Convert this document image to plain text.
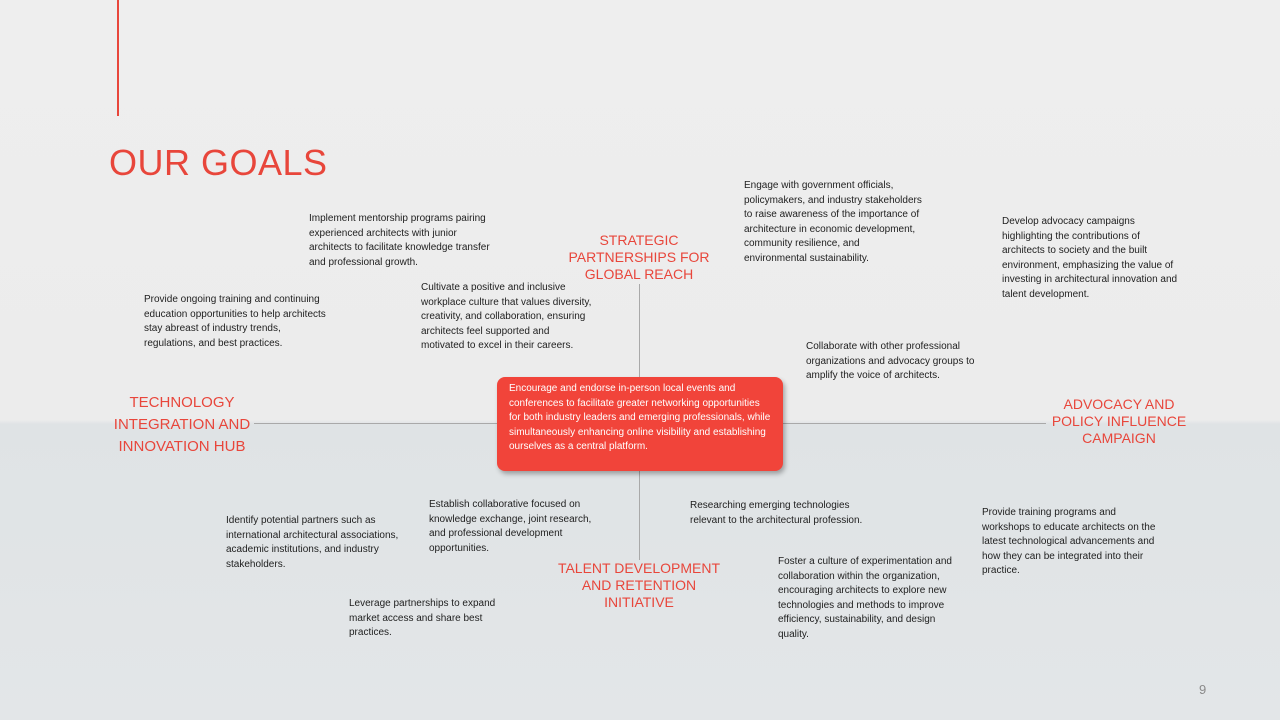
OUR GOALS

STRATEGIC PARTNERSHIPS FOR GLOBAL REACH

TECHNOLOGY INTEGRATION AND INNOVATION HUB

ADVOCACY AND POLICY INFLUENCE CAMPAIGN

TALENT DEVELOPMENT AND RETENTION INITIATIVE

Implement mentorship programs pairing experienced architects with junior architects to facilitate knowledge transfer and professional growth.

Provide ongoing training and continuing education opportunities to help architects stay abreast of industry trends, regulations, and best practices.

Cultivate a positive and inclusive workplace culture that values diversity, creativity, and collaboration, ensuring architects feel supported and motivated to excel in their careers.

Engage with government officials, policymakers, and industry stakeholders to raise awareness of the importance of architecture in economic development, community resilience, and environmental sustainability.

Develop advocacy campaigns highlighting the contributions of architects to society and the built environment, emphasizing the value of investing in architectural innovation and talent development.

Collaborate with other professional organizations and advocacy groups to amplify the voice of architects.

Identify potential partners such as international architectural associations, academic institutions, and industry stakeholders.

Establish collaborative focused on knowledge exchange, joint research, and professional development opportunities.

Leverage partnerships to expand market access and share best practices.

Researching emerging technologies relevant to the architectural profession.

Foster a culture of experimentation and collaboration within the organization, encouraging architects to explore new technologies and methods to improve efficiency, sustainability, and design quality.

Provide training programs and workshops to educate architects on the latest technological advancements and how they can be integrated into their practice.

Encourage and endorse in-person local events and conferences to facilitate greater networking opportunities for both industry leaders and emerging professionals, while simultaneously enhancing online visibility and establishing ourselves as a central platform.
9
